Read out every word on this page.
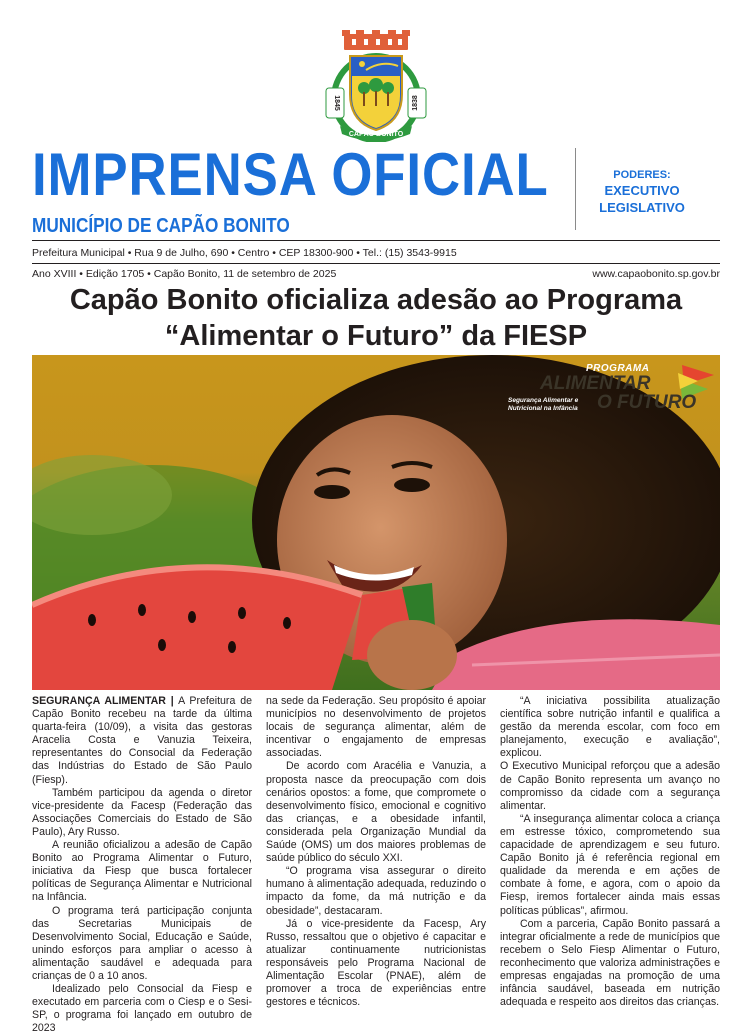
1845	1838
CAPÃO BONITO
IMPRENSA OFICIAL
MUNICÍPIO DE CAPÃO BONITO
PODERES:
EXECUTIVO
LEGISLATIVO
Prefeitura Municipal • Rua 9 de Julho, 690 • Centro • CEP 18300-900 • Tel.: (15) 3543-9915
Ano XVIII • Edição 1705 • Capão Bonito, 11 de setembro de 2025	www.capaobonito.sp.gov.br
Capão Bonito oficializa adesão ao Programa
“Alimentar o Futuro” da FIESP
PROGRAMA
ALIMENTAR
O FUTURO
Segurança Alimentar e
Nutricional na Infância

SEGURANÇA ALIMENTAR | A Prefeitura de Capão Bonito recebeu na tarde da última quarta-feira (10/09), a visita das gestoras Aracelia Costa e Vanuzia Teixeira, representantes do Consocial da Federação das Indústrias do Estado de São Paulo (Fiesp).

Também participou da agenda o diretor vice-presidente da Facesp (Federação das Associações Comerciais do Estado de São Paulo), Ary Russo.

A reunião oficializou a adesão de Capão Bonito ao Programa Alimentar o Futuro, iniciativa da Fiesp que busca fortalecer políticas de Segurança Alimentar e Nutricional na Infância.

O programa terá participação conjunta das Secretarias Municipais de Desenvolvimento Social, Educação e Saúde, unindo esforços para ampliar o acesso à alimentação saudável e adequada para crianças de 0 a 10 anos.

Idealizado pelo Consocial da Fiesp e executado em parceria com o Ciesp e o Sesi-SP, o programa foi lançado em outubro de 2023

na sede da Federação. Seu propósito é apoiar municípios no desenvolvimento de projetos locais de segurança alimentar, além de incentivar o engajamento de empresas associadas.

De acordo com Aracélia e Vanuzia, a proposta nasce da preocupação com dois cenários opostos: a fome, que compromete o desenvolvimento físico, emocional e cognitivo das crianças, e a obesidade infantil, considerada pela Organização Mundial da Saúde (OMS) um dos maiores problemas de saúde público do século XXI.

“O programa visa assegurar o direito humano à alimentação adequada, reduzindo o impacto da fome, da má nutrição e da obesidade”, destacaram.

Já o vice-presidente da Facesp, Ary Russo, ressaltou que o objetivo é capacitar e atualizar continuamente nutricionistas responsáveis pelo Programa Nacional de Alimentação Escolar (PNAE), além de promover a troca de experiências entre gestores e técnicos.

“A iniciativa possibilita atualização científica sobre nutrição infantil e qualifica a gestão da merenda escolar, com foco em planejamento, execução e avaliação”, explicou.

O Executivo Municipal reforçou que a adesão de Capão Bonito representa um avanço no compromisso da cidade com a segurança alimentar.

“A insegurança alimentar coloca a criança em estresse tóxico, comprometendo sua capacidade de aprendizagem e seu futuro. Capão Bonito já é referência regional em qualidade da merenda e em ações de combate à fome, e agora, com o apoio da Fiesp, iremos fortalecer ainda mais essas políticas públicas”, afirmou.

Com a parceria, Capão Bonito passará a integrar oficialmente a rede de municípios que recebem o Selo Fiesp Alimentar o Futuro, reconhecimento que valoriza administrações e empresas engajadas na promoção de uma infância saudável, baseada em nutrição adequada e respeito aos direitos das crianças.
